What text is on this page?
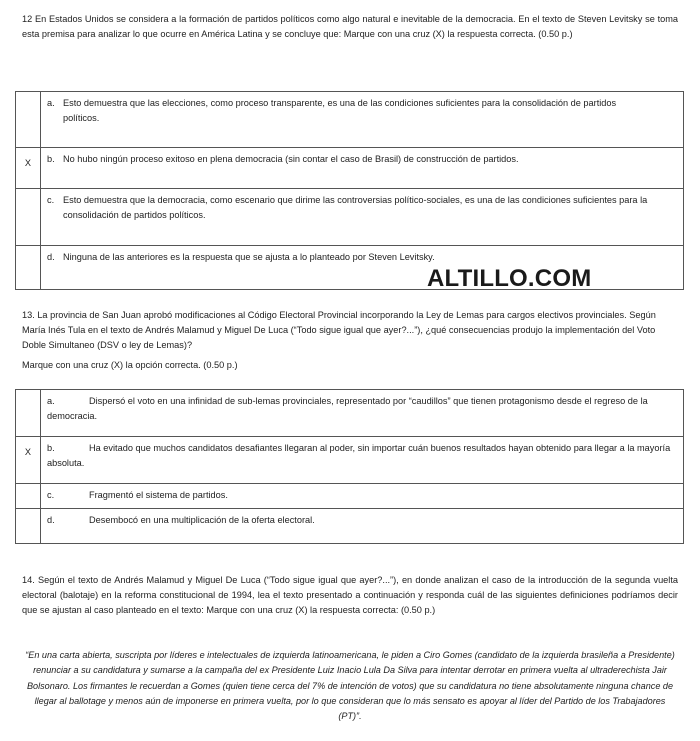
12 En Estados Unidos se considera a la formación de partidos políticos como algo natural e inevitable de la democracia. En el texto de Steven Levitsky se toma esta premisa para analizar lo que ocurre en América Latina y se concluye que: Marque con una cruz (X) la respuesta correcta. (0.50 p.)

	a. Esto demuestra que las elecciones, como proceso transparente, es una de las condiciones suficientes para la consolidación de partidos políticos.

X	b. No hubo ningún proceso exitoso en plena democracia (sin contar el caso de Brasil) de construcción de partidos.

	c. Esto demuestra que la democracia, como escenario que dirime las controversias político-sociales, es una de las condiciones suficientes para la consolidación de partidos políticos.

	d. Ninguna de las anteriores es la respuesta que se ajusta a lo planteado por Steven Levitsky.
ALTILLO.COM

13. La provincia de San Juan aprobó modificaciones al Código Electoral Provincial incorporando la Ley de Lemas para cargos electivos provinciales. Según María Inés Tula en el texto de Andrés Malamud y Miguel De Luca (“Todo sigue igual que ayer?...”), ¿qué consecuencias produjo la implementación del Voto Doble Simultaneo (DSV o ley de Lemas)?

Marque con una cruz (X) la opción correcta. (0.50 p.)

	a. Dispersó el voto en una infinidad de sub-lemas provinciales, representado por “caudillos” que tienen protagonismo desde el regreso de la democracia.

X	b. Ha evitado que muchos candidatos desafiantes llegaran al poder, sin importar cuán buenos resultados hayan obtenido para llegar a la mayoría absoluta.

	c. Fragmentó el sistema de partidos.

	d. Desembocó en una multiplicación de la oferta electoral.

14. Según el texto de Andrés Malamud y Miguel De Luca (“Todo sigue igual que ayer?...”), en donde analizan el caso de la introducción de la segunda vuelta electoral (balotaje) en la reforma constitucional de 1994, lea el texto presentado a continuación y responda cuál de las siguientes definiciones podríamos decir que se ajustan al caso planteado en el texto: Marque con una cruz (X) la respuesta correcta: (0.50 p.)

“En una carta abierta, suscripta por líderes e intelectuales de izquierda latinoamericana, le piden a Ciro Gomes (candidato de la izquierda brasileña a Presidente) renunciar a su candidatura y sumarse a la campaña del ex Presidente Luiz Inacio Lula Da Silva para intentar derrotar en primera vuelta al ultraderechista Jair Bolsonaro. Los firmantes le recuerdan a Gomes (quien tiene cerca del 7% de intención de votos) que su candidatura no tiene absolutamente ninguna chance de llegar al ballotage y menos aún de imponerse en primera vuelta, por lo que consideran que lo más sensato es apoyar al líder del Partido de los Trabajadores (PT)”.
